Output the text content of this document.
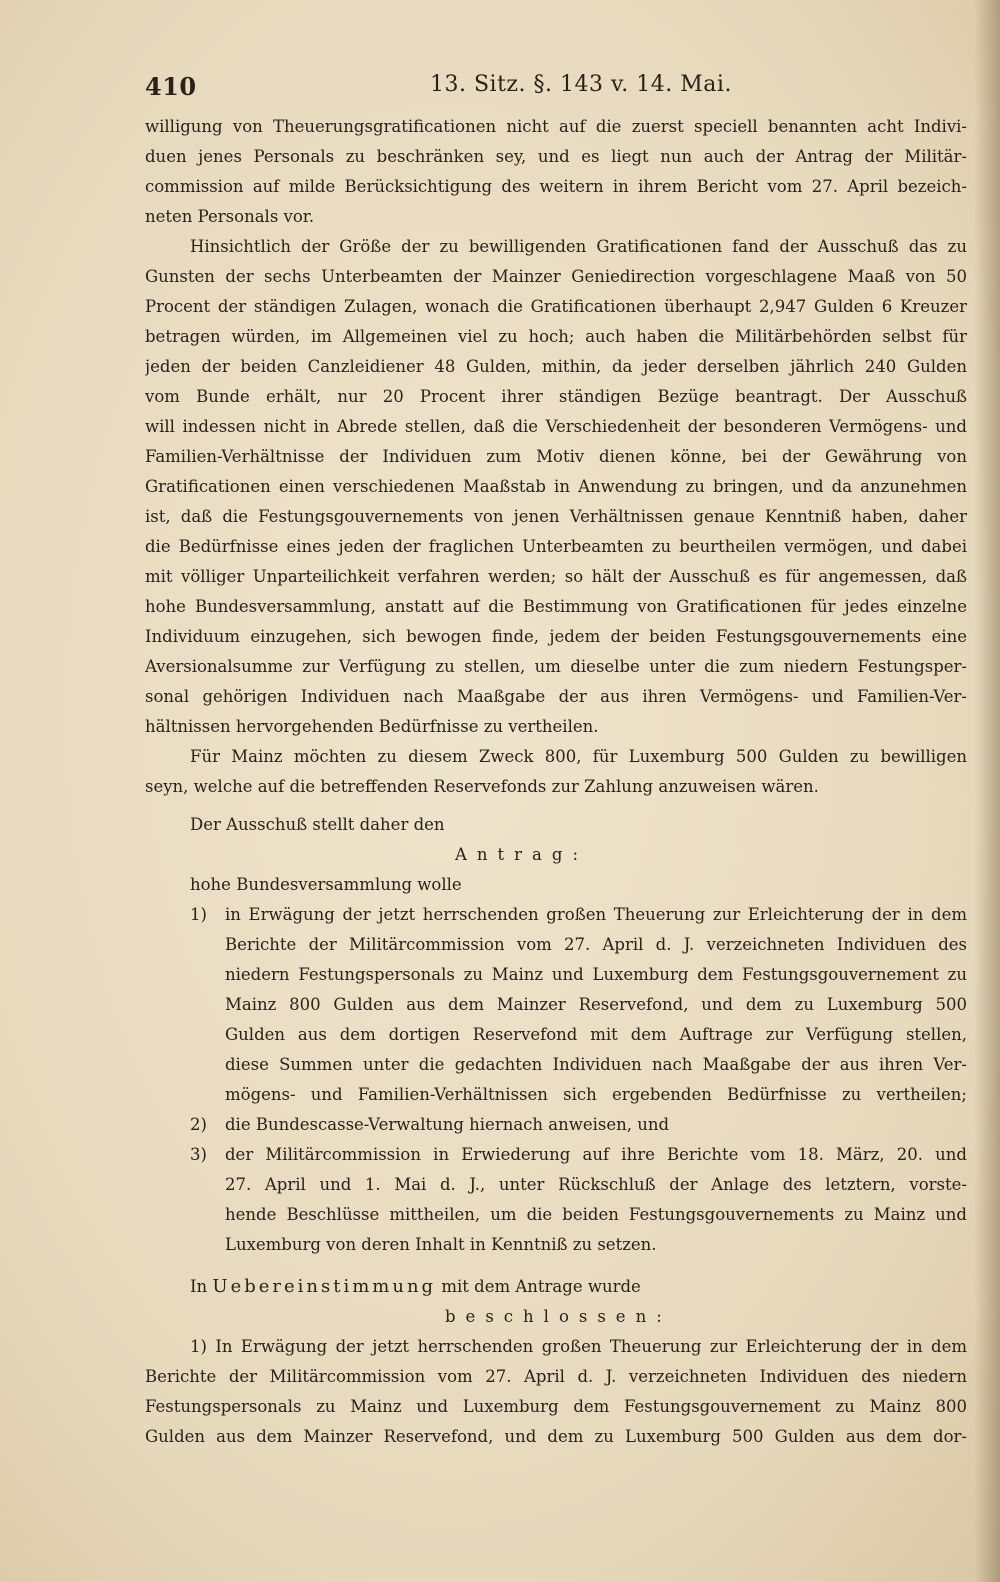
410	13. Sitz. §. 143 v. 14. Mai.
willigung von Theuerungsgratificationen nicht auf die zuerst speciell benannten acht Indivi-
duen jenes Personals zu beschränken sey, und es liegt nun auch der Antrag der Militär-
commission auf milde Berücksichtigung des weitern in ihrem Bericht vom 27. April bezeich-
neten Personals vor.
Hinsichtlich der Größe der zu bewilligenden Gratificationen fand der Ausschuß das zu
Gunsten der sechs Unterbeamten der Mainzer Geniedirection vorgeschlagene Maaß von 50
Procent der ständigen Zulagen, wonach die Gratificationen überhaupt 2,947 Gulden 6 Kreuzer
betragen würden, im Allgemeinen viel zu hoch; auch haben die Militärbehörden selbst für
jeden der beiden Canzleidiener 48 Gulden, mithin, da jeder derselben jährlich 240 Gulden
vom Bunde erhält, nur 20 Procent ihrer ständigen Bezüge beantragt. Der Ausschuß
will indessen nicht in Abrede stellen, daß die Verschiedenheit der besonderen Vermögens- und
Familien-Verhältnisse der Individuen zum Motiv dienen könne, bei der Gewährung von
Gratificationen einen verschiedenen Maaßstab in Anwendung zu bringen, und da anzunehmen
ist, daß die Festungsgouvernements von jenen Verhältnissen genaue Kenntniß haben, daher
die Bedürfnisse eines jeden der fraglichen Unterbeamten zu beurtheilen vermögen, und dabei
mit völliger Unparteilichkeit verfahren werden; so hält der Ausschuß es für angemessen, daß
hohe Bundesversammlung, anstatt auf die Bestimmung von Gratificationen für jedes einzelne
Individuum einzugehen, sich bewogen finde, jedem der beiden Festungsgouvernements eine
Aversionalsumme zur Verfügung zu stellen, um dieselbe unter die zum niedern Festungsper-
sonal gehörigen Individuen nach Maaßgabe der aus ihren Vermögens- und Familien-Ver-
hältnissen hervorgehenden Bedürfnisse zu vertheilen.
Für Mainz möchten zu diesem Zweck 800, für Luxemburg 500 Gulden zu bewilligen
seyn, welche auf die betreffenden Reservefonds zur Zahlung anzuweisen wären.
Der Ausschuß stellt daher den
Antrag:
hohe Bundesversammlung wolle
1) in Erwägung der jetzt herrschenden großen Theuerung zur Erleichterung der in dem
Berichte der Militärcommission vom 27. April d. J. verzeichneten Individuen des
niedern Festungspersonals zu Mainz und Luxemburg dem Festungsgouvernement zu
Mainz 800 Gulden aus dem Mainzer Reservefond, und dem zu Luxemburg 500
Gulden aus dem dortigen Reservefond mit dem Auftrage zur Verfügung stellen,
diese Summen unter die gedachten Individuen nach Maaßgabe der aus ihren Ver-
mögens- und Familien-Verhältnissen sich ergebenden Bedürfnisse zu vertheilen;
2) die Bundescasse-Verwaltung hiernach anweisen, und
3) der Militärcommission in Erwiederung auf ihre Berichte vom 18. März, 20. und
27. April und 1. Mai d. J., unter Rückschluß der Anlage des letztern, vorste-
hende Beschlüsse mittheilen, um die beiden Festungsgouvernements zu Mainz und
Luxemburg von deren Inhalt in Kenntniß zu setzen.
In Uebereinstimmung mit dem Antrage wurde
beschlossen:
1) In Erwägung der jetzt herrschenden großen Theuerung zur Erleichterung der in dem
Berichte der Militärcommission vom 27. April d. J. verzeichneten Individuen des niedern
Festungspersonals zu Mainz und Luxemburg dem Festungsgouvernement zu Mainz 800
Gulden aus dem Mainzer Reservefond, und dem zu Luxemburg 500 Gulden aus dem dor-
